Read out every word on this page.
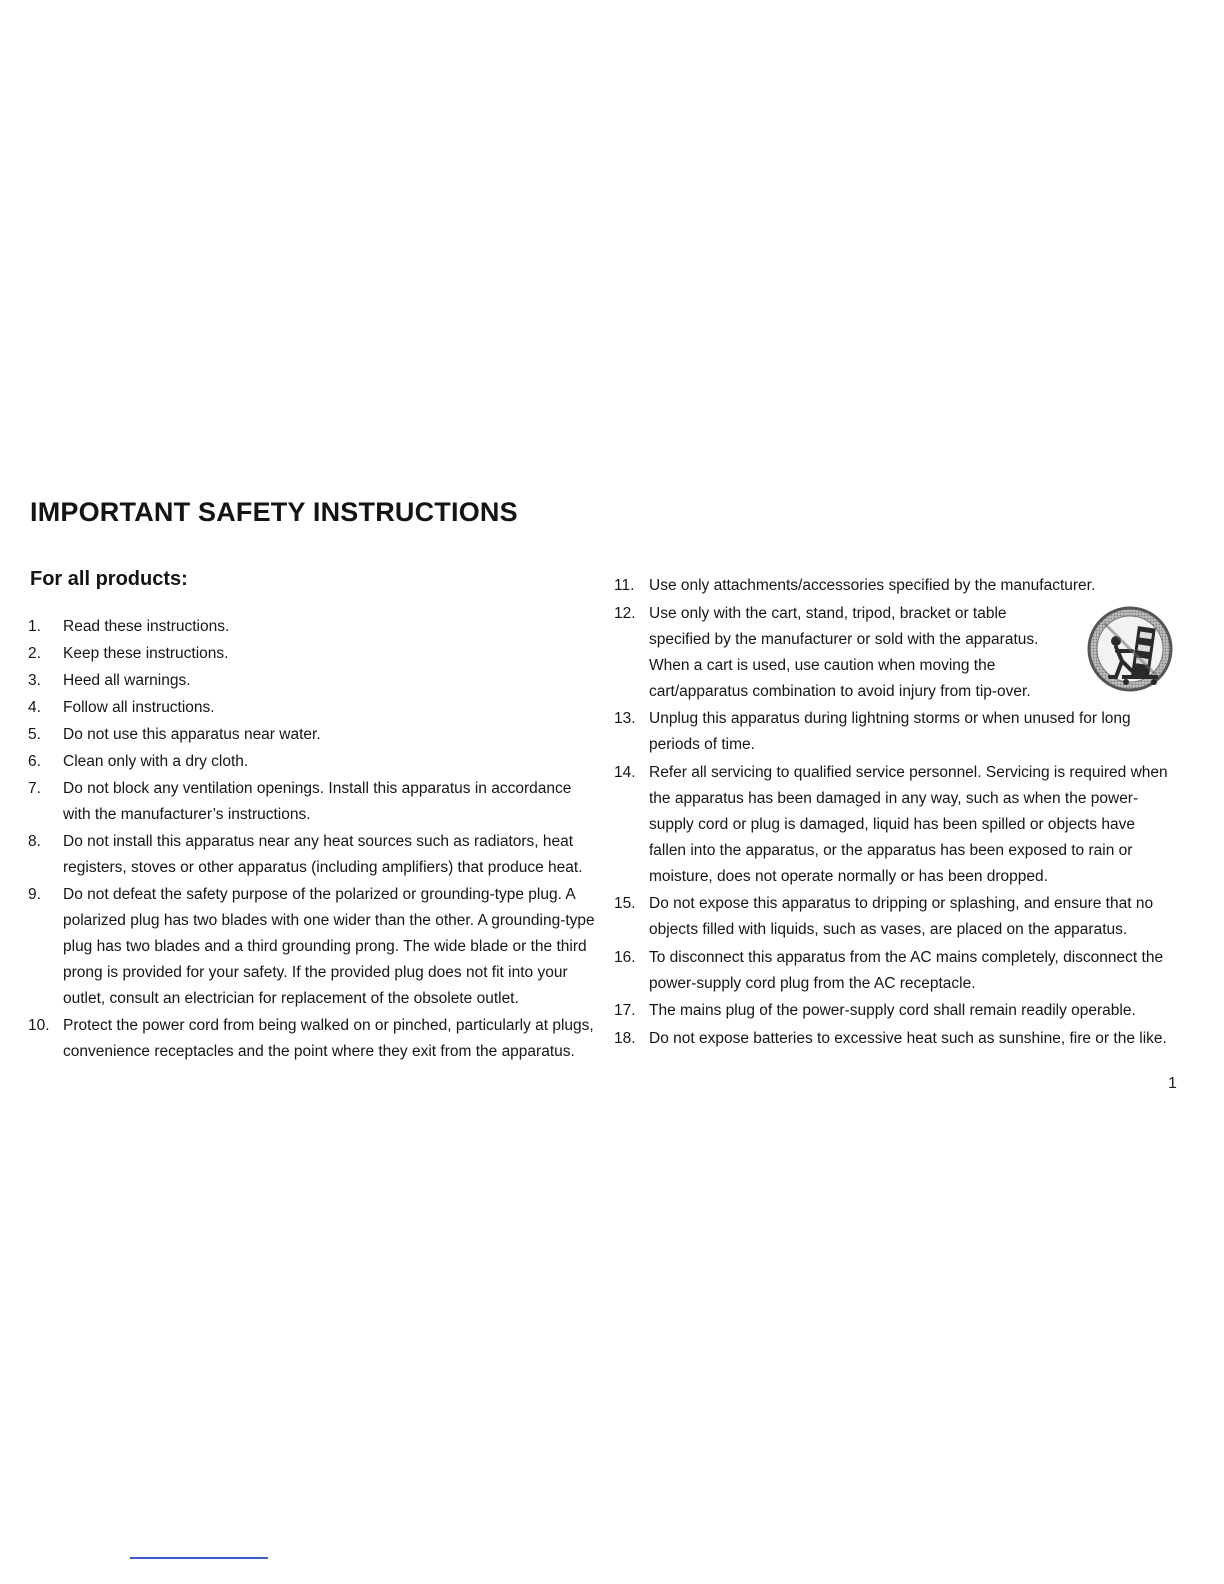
IMPORTANT SAFETY INSTRUCTIONS
For all products:
1.	Read these instructions.
2.	Keep these instructions.
3.	Heed all warnings.
4.	Follow all instructions.
5.	Do not use this apparatus near water.
6.	Clean only with a dry cloth.
7.	Do not block any ventilation openings. Install this apparatus in accordance with the manufacturer’s instructions.
8.	Do not install this apparatus near any heat sources such as radiators, heat registers, stoves or other apparatus (including amplifiers) that produce heat.
9.	Do not defeat the safety purpose of the polarized or grounding-type plug. A polarized plug has two blades with one wider than the other. A grounding-type plug has two blades and a third grounding prong. The wide blade or the third prong is provided for your safety. If the provided plug does not fit into your outlet, consult an electrician for replacement of the obsolete outlet.
10. Protect the power cord from being walked on or pinched, particularly at plugs, convenience receptacles and the point where they exit from the apparatus.
11. Use only attachments/accessories specified by the manufacturer.
12. Use only with the cart, stand, tripod, bracket or table specified by the manufacturer or sold with the apparatus. When a cart is used, use caution when moving the cart/apparatus combination to avoid injury from tip-over.
13. Unplug this apparatus during lightning storms or when unused for long periods of time.
14. Refer all servicing to qualified service personnel. Servicing is required when the apparatus has been damaged in any way, such as when the power-supply cord or plug is damaged, liquid has been spilled or objects have fallen into the apparatus, or the apparatus has been exposed to rain or moisture, does not operate normally or has been dropped.
15. Do not expose this apparatus to dripping or splashing, and ensure that no objects filled with liquids, such as vases, are placed on the apparatus.
16. To disconnect this apparatus from the AC mains completely, disconnect the power-supply cord plug from the AC receptacle.
17. The mains plug of the power-supply cord shall remain readily operable.
18. Do not expose batteries to excessive heat such as sunshine, fire or the like.
1
